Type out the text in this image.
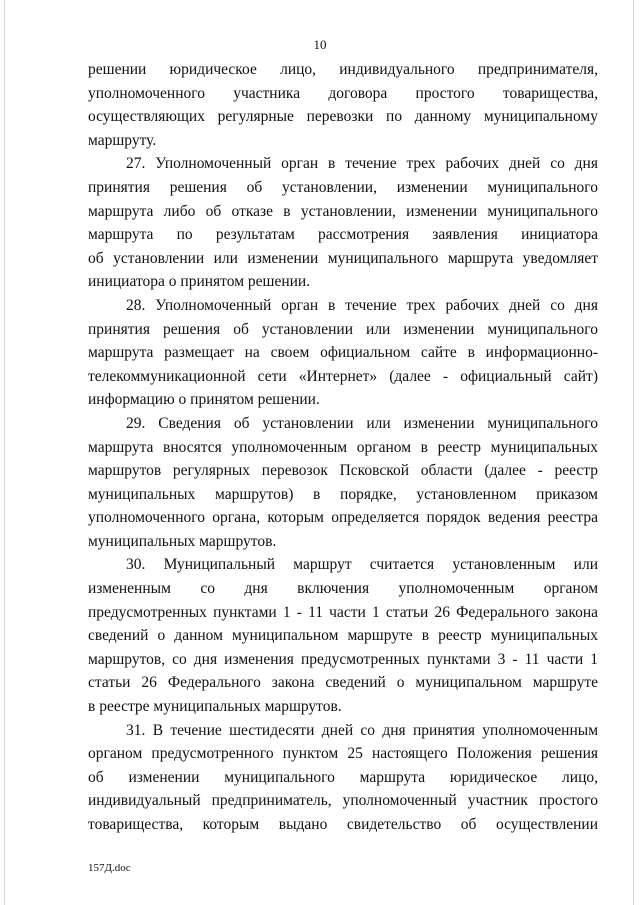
10
решении юридическое лицо, индивидуального предпринимателя,
уполномоченного участника договора простого товарищества,
осуществляющих регулярные перевозки по данному муниципальному
маршруту.
27. Уполномоченный орган в течение трех рабочих дней со дня
принятия решения об установлении, изменении муниципального
маршрута либо об отказе в установлении, изменении муниципального
маршрута по результатам рассмотрения заявления инициатора
об установлении или изменении муниципального маршрута уведомляет
инициатора о принятом решении.
28. Уполномоченный орган в течение трех рабочих дней со дня
принятия решения об установлении или изменении муниципального
маршрута размещает на своем официальном сайте в информационно-
телекоммуникационной сети «Интернет» (далее - официальный сайт)
информацию о принятом решении.
29. Сведения об установлении или изменении муниципального
маршрута вносятся уполномоченным органом в реестр муниципальных
маршрутов регулярных перевозок Псковской области (далее - реестр
муниципальных маршрутов) в порядке, установленном приказом
уполномоченного органа, которым определяется порядок ведения реестра
муниципальных маршрутов.
30. Муниципальный маршрут считается установленным или
измененным со дня включения уполномоченным органом
предусмотренных пунктами 1 - 11 части 1 статьи 26 Федерального закона
сведений о данном муниципальном маршруте в реестр муниципальных
маршрутов, со дня изменения предусмотренных пунктами 3 - 11 части 1
статьи 26 Федерального закона сведений о муниципальном маршруте
в реестре муниципальных маршрутов.
31. В течение шестидесяти дней со дня принятия уполномоченным
органом предусмотренного пунктом 25 настоящего Положения решения
об изменении муниципального маршрута юридическое лицо,
индивидуальный предприниматель, уполномоченный участник простого
товарищества, которым выдано свидетельство об осуществлении
157Д.doc
